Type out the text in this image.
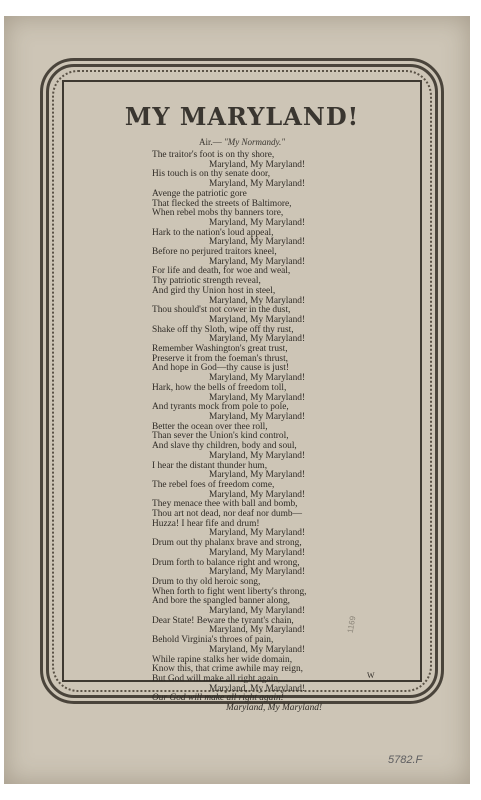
MY MARYLAND!
Air.— "My Normandy."
The traitor's foot is on thy shore,
Maryland, My Maryland!
His touch is on thy senate door,
Maryland, My Maryland!
Avenge the patriotic gore
That flecked the streets of Baltimore,
When rebel mobs thy banners tore,
Maryland, My Maryland!
Hark to the nation's loud appeal,
Maryland, My Maryland!
Before no perjured traitors kneel,
Maryland, My Maryland!
For life and death, for woe and weal,
Thy patriotic strength reveal,
And gird thy Union host in steel,
Maryland, My Maryland!
Thou should'st not cower in the dust,
Maryland, My Maryland!
Shake off thy Sloth, wipe off thy rust,
Maryland, My Maryland!
Remember Washington's great trust,
Preserve it from the foeman's thrust,
And hope in God—thy cause is just!
Maryland, My Maryland!
Hark, how the bells of freedom toll,
Maryland, My Maryland!
And tyrants mock from pole to pole,
Maryland, My Maryland!
Better the ocean over thee roll,
Than sever the Union's kind control,
And slave thy children, body and soul,
Maryland, My Maryland!
I hear the distant thunder hum,
Maryland, My Maryland!
The rebel foes of freedom come,
Maryland, My Maryland!
They menace thee with ball and bomb,
Thou art not dead, nor deaf nor dumb—
Huzza! I hear fife and drum!
Maryland, My Maryland!
Drum out thy phalanx brave and strong,
Maryland, My Maryland!
Drum forth to balance right and wrong,
Maryland, My Maryland!
Drum to thy old heroic song,
When forth to fight went liberty's throng,
And bore the spangled banner along,
Maryland, My Maryland!
Dear State! Beware the tyrant's chain,
Maryland, My Maryland!
Behold Virginia's throes of pain,
Maryland, My Maryland!
While rapine stalks her wide domain,
Know this, that crime awhile may reign,
But God will make all right again,
Maryland, My Maryland!
Our God will make all right again!
Maryland, My Maryland!
W
1169
5782.F
